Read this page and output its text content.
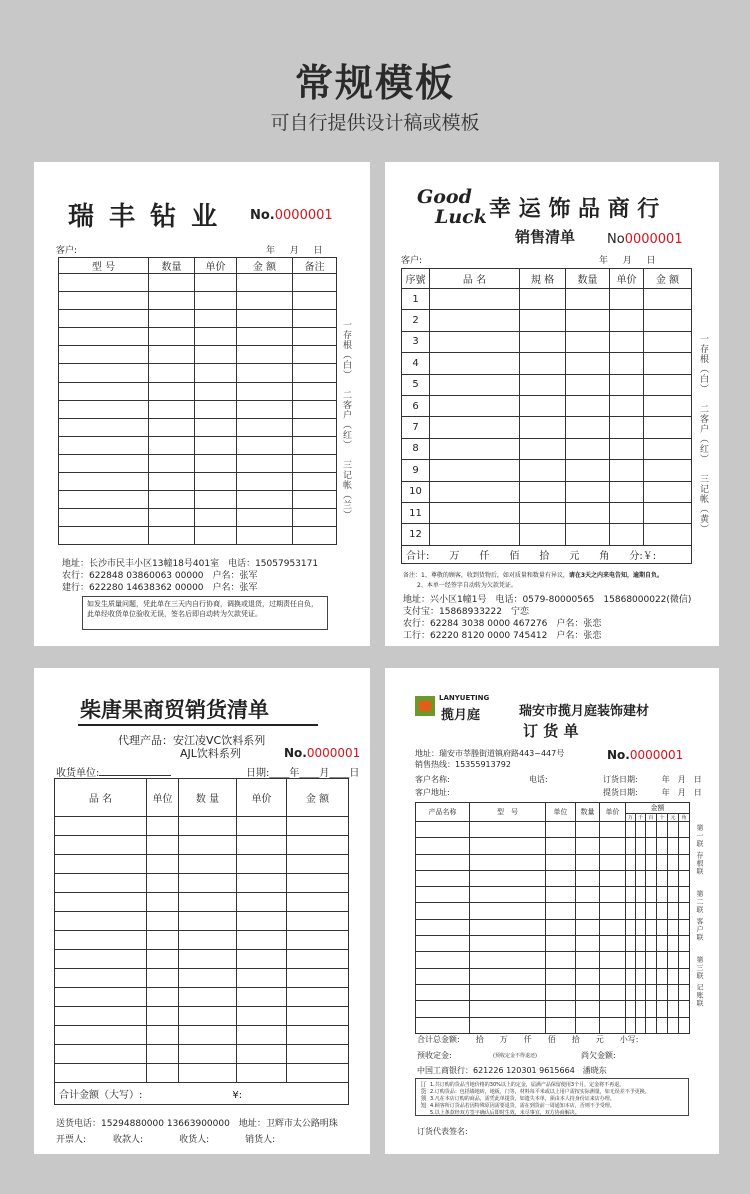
常规模板
可自行提供设计稿或模板
瑞 丰 钻 业 No.0000001
客户:	年 　 月 　 日
型 号	数量	单价	金 额	备注

一存根（白）
二客户（红）
三记帐（兰）
地址：长沙市民丰小区13幢18号401室　电话：15057953171
农行：622848 03860063 00000　户名：张军
建行：622280 14638362 00000　户名：张军
如发生质量问题，凭此单在三天内自行协商，调换或退货，过期责任自负，此单经收货单位验收无误，签名后即自动转为欠款凭证。
Good
Luck 幸 运 饰 品 商 行
销售清单 No0000001
客户:	年 　 月 　 日
序號	品 名	規 格	数量	单价	金 额
1					
2					
3					
4					
5					
6					
7					
8					
9					
10					
11					
12					
合计:　　万　　仟　　佰　　拾　　元　　角　　分:￥:					
一存根（白）
二客户（红）
三记帐（黄）
备注：1、尊敬的顾客，收到货物后，如对质量和数量有异议，请在3天之内来电告知，逾期自负。
2、本单一经签字自动转为欠款凭证。
地址：兴小区1幢1号　电话：0579-80000565　15868000022(微信)
支付宝：15868933222　宁恋
农行：62284 3038 0000 467276　户名：张恋
工行：62220 8120 0000 745412　户名：张恋
柴唐果商贸销货清单
代理产品：安江凌VC饮料系列
AJL饮料系列	No.0000001
收货单位:	日期:____年____月____日
品 名	单位	数 量	单价	金 额

合计金额（大写）: ¥:				
送货电话：15294880000 13663900000　地址：卫辉市太公路明珠
开票人:　　　收款人:　　　　收货人:　　　　销货人:
LANYUETING
揽月庭	瑞安市揽月庭装饰建材
订 货 单
地址：瑞安市莘塍街道镇府路443~447号
销售热线：15355913792
No.0000001
客户名称:	电话:	订货日期:　　　年　月　日
客户地址:	提货日期:　　　年　月　日
产品名称	型　号	单位	数量	单价	金额					
					万	千	百	十	元	角

第一联 存根联
第二联 客户联
第三联 记账联
合计总金额:　　拾　　万　　仟　　佰　　拾　　元　　小写:
预收定金:	(预收定金不得退还)	尚欠金额:
中国工商银行：621226 120301 9615664　潘晓东
订货须知 1.共订购的货品当地价格的30%以上的定金，届满产品保留使用3个月，定金将不再退。
2.订购货品：包括墙地砖，地板，门等，材料每平米或以上用户需按实际测量，如无误差不予更换。
3.凡在本店订购的商品，需凭此单提货，如遗失本单，须由本人持身份证来店办理。
4.顾客所订货品若因特殊原因需要退货，需在到货前一周通知本店，否则不予受理。
5.以上条款经双方签字确认后即时生效，未尽事宜，双方协商解决。
订货代表签名:
